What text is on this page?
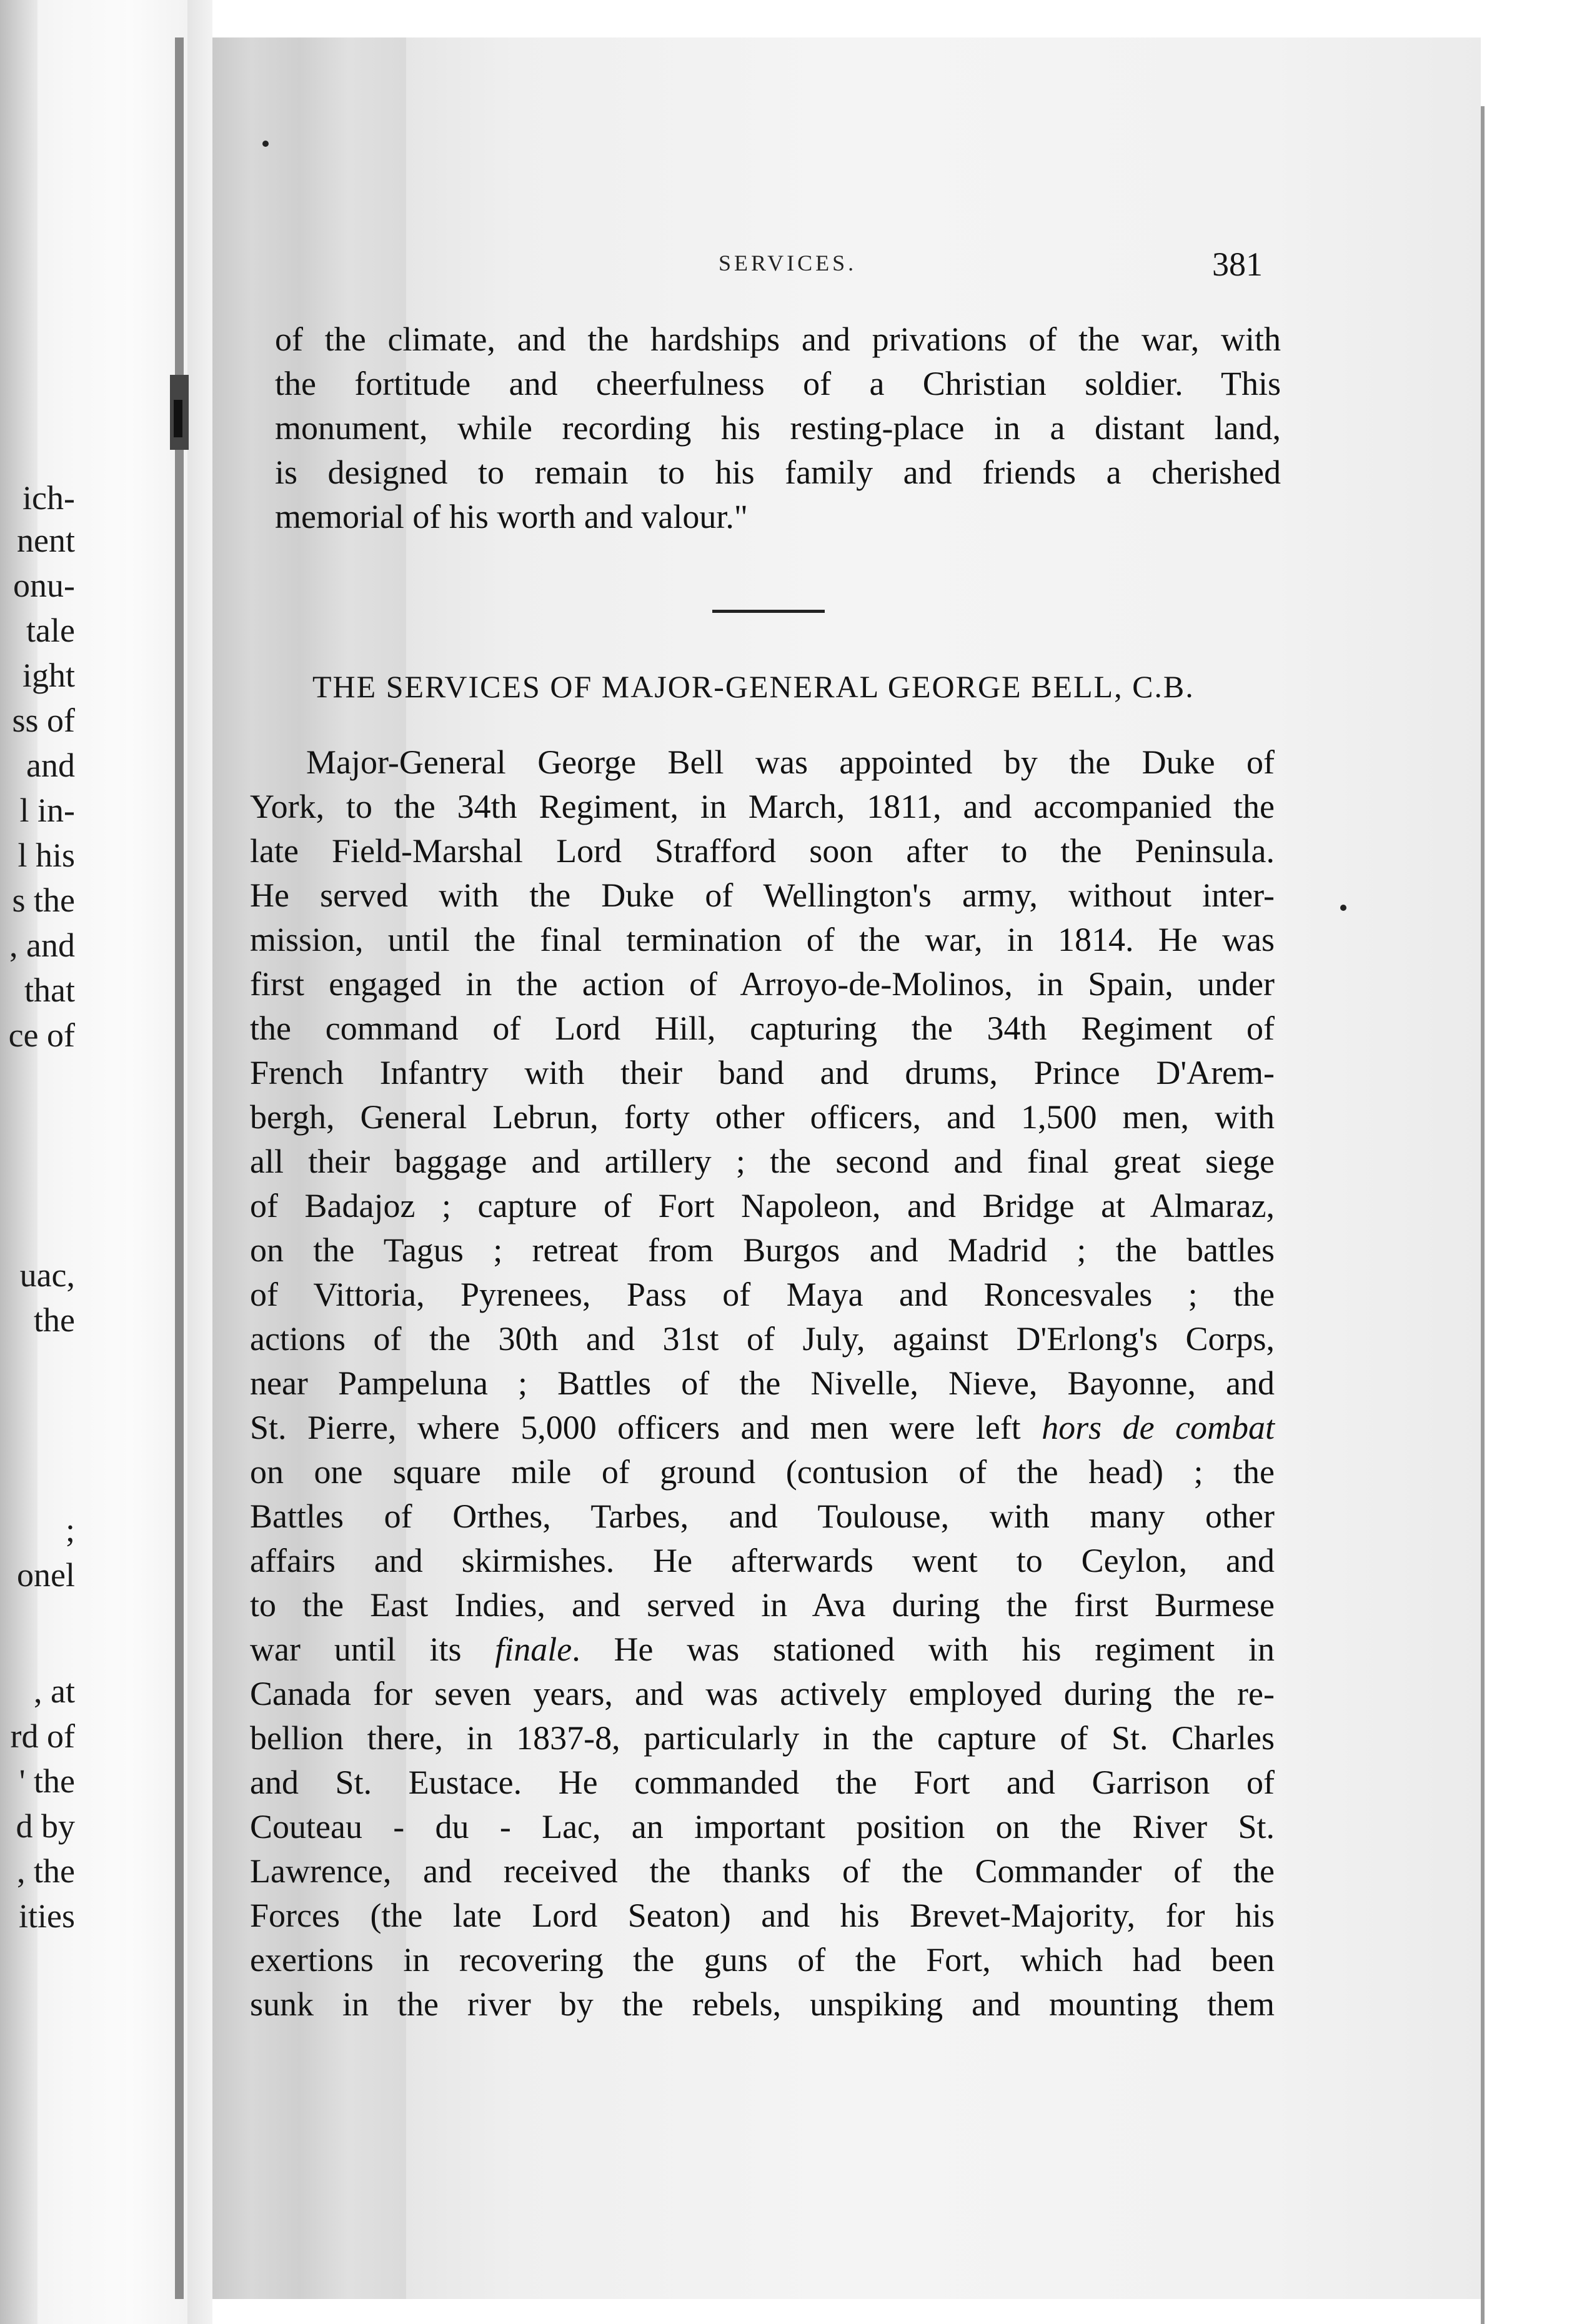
ich-
nent
onu-
tale
ight
ss of
and
l in-
l his
s the
, and
that
ce of
uac,
the
;
onel
, at
rd of
' the
d by
, the
ities
SERVICES.	381
of the climate, and the hardships and privations of the war, with
the fortitude and cheerfulness of a Christian soldier. This
monument, while recording his resting-place in a distant land,
is designed to remain to his family and friends a cherished
memorial of his worth and valour."
THE SERVICES OF MAJOR-GENERAL GEORGE BELL, C.B.
Major-General George Bell was appointed by the Duke of
York, to the 34th Regiment, in March, 1811, and accompanied the
late Field-Marshal Lord Strafford soon after to the Peninsula.
He served with the Duke of Wellington's army, without inter-
mission, until the final termination of the war, in 1814. He was
first engaged in the action of Arroyo-de-Molinos, in Spain, under
the command of Lord Hill, capturing the 34th Regiment of
French Infantry with their band and drums, Prince D'Arem-
bergh, General Lebrun, forty other officers, and 1,500 men, with
all their baggage and artillery ; the second and final great siege
of Badajoz ; capture of Fort Napoleon, and Bridge at Almaraz,
on the Tagus ; retreat from Burgos and Madrid ; the battles
of Vittoria, Pyrenees, Pass of Maya and Roncesvales ; the
actions of the 30th and 31st of July, against D'Erlong's Corps,
near Pampeluna ; Battles of the Nivelle, Nieve, Bayonne, and
St. Pierre, where 5,000 officers and men were left hors de combat
on one square mile of ground (contusion of the head) ; the
Battles of Orthes, Tarbes, and Toulouse, with many other
affairs and skirmishes. He afterwards went to Ceylon, and
to the East Indies, and served in Ava during the first Burmese
war until its finale. He was stationed with his regiment in
Canada for seven years, and was actively employed during the re-
bellion there, in 1837-8, particularly in the capture of St. Charles
and St. Eustace. He commanded the Fort and Garrison of
Couteau - du - Lac, an important position on the River St.
Lawrence, and received the thanks of the Commander of the
Forces (the late Lord Seaton) and his Brevet-Majority, for his
exertions in recovering the guns of the Fort, which had been
sunk in the river by the rebels, unspiking and mounting them
